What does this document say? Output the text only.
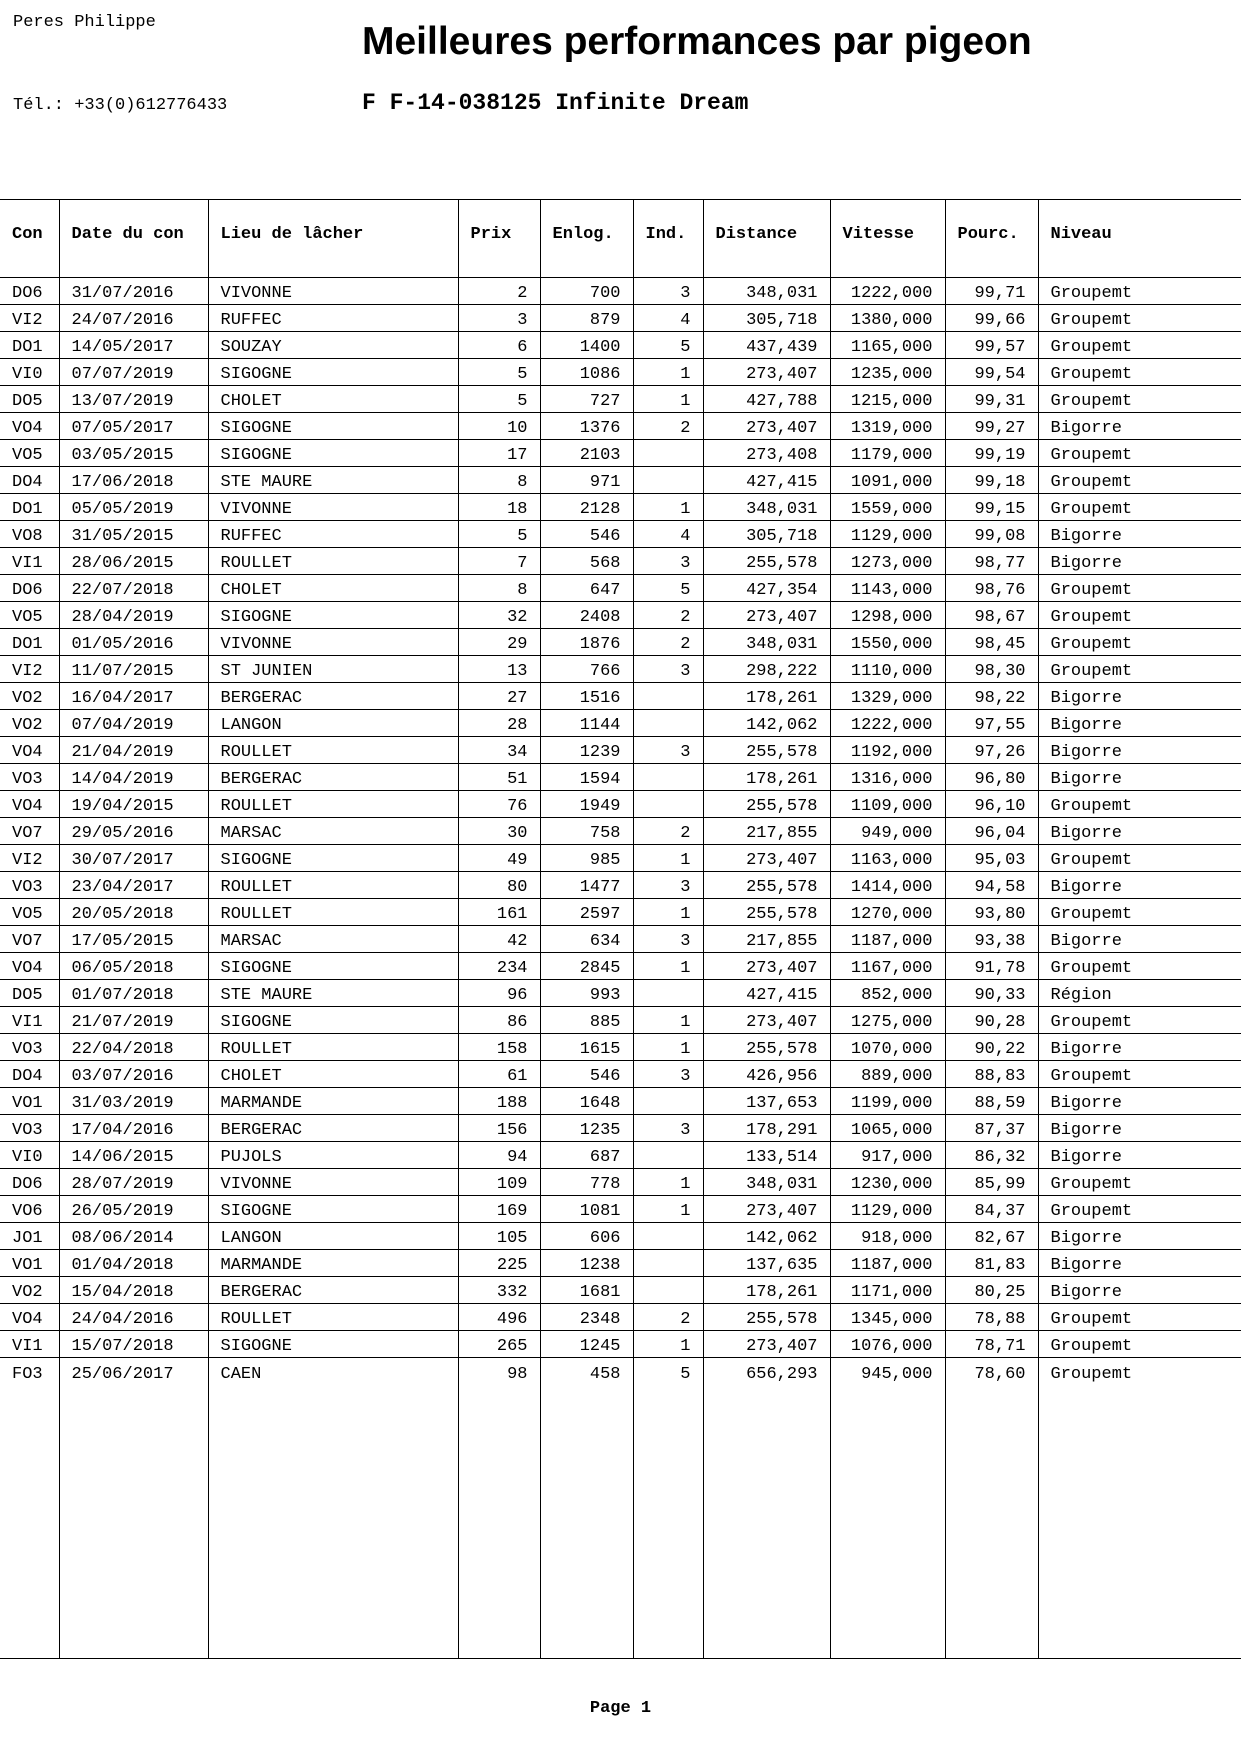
Peres Philippe
Tél.: +33(0)612776433
Meilleures performances par pigeon
F F-14-038125 Infinite Dream
Con	Date du con	Lieu de lâcher	Prix	Enlog.	Ind.	Distance	Vitesse	Pourc.	Niveau
DO6	31/07/2016	VIVONNE	2	700	3	348,031	1222,000	99,71	Groupemt
VI2	24/07/2016	RUFFEC	3	879	4	305,718	1380,000	99,66	Groupemt
DO1	14/05/2017	SOUZAY	6	1400	5	437,439	1165,000	99,57	Groupemt
VI0	07/07/2019	SIGOGNE	5	1086	1	273,407	1235,000	99,54	Groupemt
DO5	13/07/2019	CHOLET	5	727	1	427,788	1215,000	99,31	Groupemt
VO4	07/05/2017	SIGOGNE	10	1376	2	273,407	1319,000	99,27	Bigorre
VO5	03/05/2015	SIGOGNE	17	2103		273,408	1179,000	99,19	Groupemt
DO4	17/06/2018	STE MAURE	8	971		427,415	1091,000	99,18	Groupemt
DO1	05/05/2019	VIVONNE	18	2128	1	348,031	1559,000	99,15	Groupemt
VO8	31/05/2015	RUFFEC	5	546	4	305,718	1129,000	99,08	Bigorre
VI1	28/06/2015	ROULLET	7	568	3	255,578	1273,000	98,77	Bigorre
DO6	22/07/2018	CHOLET	8	647	5	427,354	1143,000	98,76	Groupemt
VO5	28/04/2019	SIGOGNE	32	2408	2	273,407	1298,000	98,67	Groupemt
DO1	01/05/2016	VIVONNE	29	1876	2	348,031	1550,000	98,45	Groupemt
VI2	11/07/2015	ST JUNIEN	13	766	3	298,222	1110,000	98,30	Groupemt
VO2	16/04/2017	BERGERAC	27	1516		178,261	1329,000	98,22	Bigorre
VO2	07/04/2019	LANGON	28	1144		142,062	1222,000	97,55	Bigorre
VO4	21/04/2019	ROULLET	34	1239	3	255,578	1192,000	97,26	Bigorre
VO3	14/04/2019	BERGERAC	51	1594		178,261	1316,000	96,80	Bigorre
VO4	19/04/2015	ROULLET	76	1949		255,578	1109,000	96,10	Groupemt
VO7	29/05/2016	MARSAC	30	758	2	217,855	949,000	96,04	Bigorre
VI2	30/07/2017	SIGOGNE	49	985	1	273,407	1163,000	95,03	Groupemt
VO3	23/04/2017	ROULLET	80	1477	3	255,578	1414,000	94,58	Bigorre
VO5	20/05/2018	ROULLET	161	2597	1	255,578	1270,000	93,80	Groupemt
VO7	17/05/2015	MARSAC	42	634	3	217,855	1187,000	93,38	Bigorre
VO4	06/05/2018	SIGOGNE	234	2845	1	273,407	1167,000	91,78	Groupemt
DO5	01/07/2018	STE MAURE	96	993		427,415	852,000	90,33	Région
VI1	21/07/2019	SIGOGNE	86	885	1	273,407	1275,000	90,28	Groupemt
VO3	22/04/2018	ROULLET	158	1615	1	255,578	1070,000	90,22	Bigorre
DO4	03/07/2016	CHOLET	61	546	3	426,956	889,000	88,83	Groupemt
VO1	31/03/2019	MARMANDE	188	1648		137,653	1199,000	88,59	Bigorre
VO3	17/04/2016	BERGERAC	156	1235	3	178,291	1065,000	87,37	Bigorre
VI0	14/06/2015	PUJOLS	94	687		133,514	917,000	86,32	Bigorre
DO6	28/07/2019	VIVONNE	109	778	1	348,031	1230,000	85,99	Groupemt
VO6	26/05/2019	SIGOGNE	169	1081	1	273,407	1129,000	84,37	Groupemt
JO1	08/06/2014	LANGON	105	606		142,062	918,000	82,67	Bigorre
VO1	01/04/2018	MARMANDE	225	1238		137,635	1187,000	81,83	Bigorre
VO2	15/04/2018	BERGERAC	332	1681		178,261	1171,000	80,25	Bigorre
VO4	24/04/2016	ROULLET	496	2348	2	255,578	1345,000	78,88	Groupemt
VI1	15/07/2018	SIGOGNE	265	1245	1	273,407	1076,000	78,71	Groupemt
FO3	25/06/2017	CAEN	98	458	5	656,293	945,000	78,60	Groupemt

Page 1
